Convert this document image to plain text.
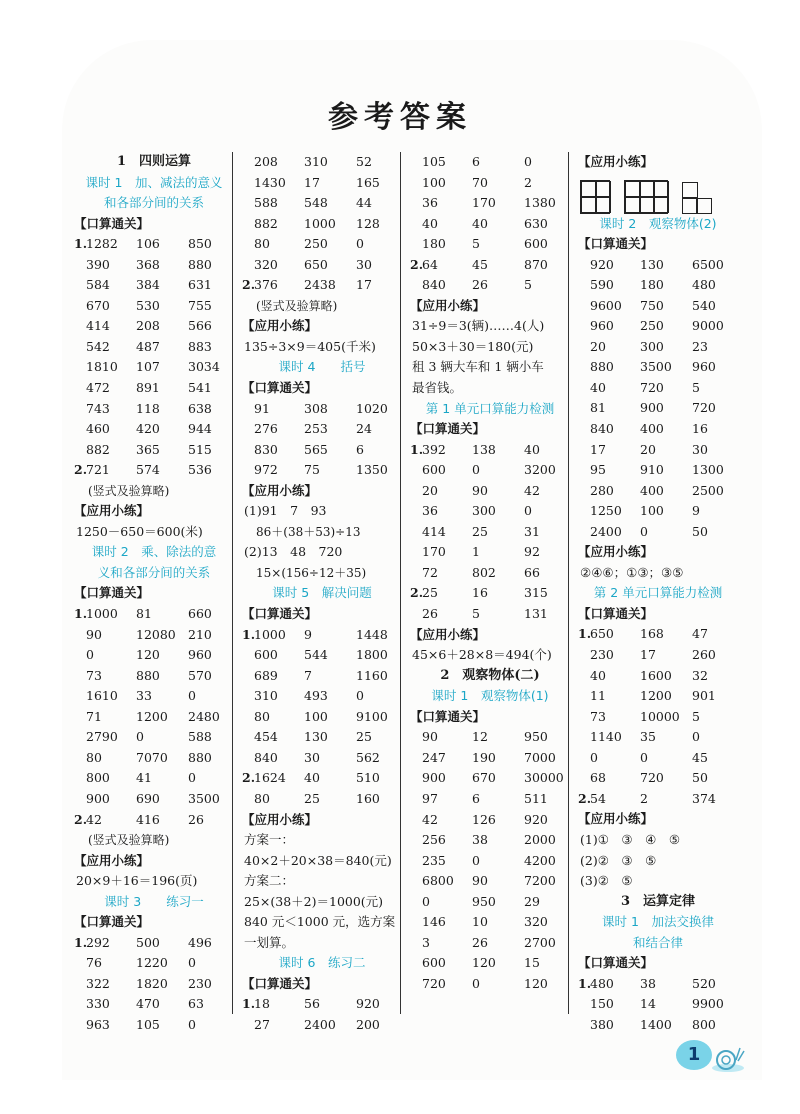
参考答案
1　四则运算
课时 1　加、减法的意义
和各部分间的关系
【口算通关】
1.
1282	106	850
390	368	880
584	384	631
670	530	755
414	208	566
542	487	883
1810	107	3034
472	891	541
743	118	638
460	420	944
882	365	515
2.
721	574	536
(竖式及验算略)
【应用小练】
1250－650＝600(米)
课时 2　乘、除法的意
义和各部分间的关系
【口算通关】
1.
1000	81	660
90	12080 210
0	120	960
73	880	570
1610	33	0
71	1200	2480
2790	0	588
80	7070	880
800	41	0
900	690	3500
2.
42	416	26
(竖式及验算略)
【应用小练】
20×9＋16＝196(页)
课时 3　　练习一
【口算通关】
1.
292	500	496
76	1220	0
322	1820	230
330	470	63
963	105	0
208	310	52
1430	17	165
588	548	44
882	1000	128
80	250	0
320	650	30
2.
376	2438	17
(竖式及验算略)
【应用小练】
135÷3×9＝405(千米)
课时 4　　括号
【口算通关】
91	308	1020
276	253	24
830	565	6
972	75	1350
【应用小练】
(1)91　7　93
86＋(38＋53)÷13
(2)13　48　720
15×(156÷12＋35)
课时 5　解决问题
【口算通关】
1.
1000	9	1448
600	544	1800
689	7	1160
310	493	0
80	100	9100
454	130	25
840	30	562
2.
1624	40	510
80	25	160
【应用小练】
方案一：
40×2＋20×38＝840(元)
方案二：
25×(38＋2)＝1000(元)
840 元＜1000 元，选方案
一划算。
课时 6　练习二
【口算通关】
1.
18	56	920
27	2400	200
105	6	0
100	70	2
36	170	1380
40	40	630
180	5	600
2.
64	45	870
840	26	5
【应用小练】
31÷9＝3(辆)……4(人)
50×3＋30＝180(元)
租 3 辆大车和 1 辆小车
最省钱。
第 1 单元口算能力检测
【口算通关】
1.
392	138	40
600	0	3200
20	90	42
36	300	0
414	25	31
170	1	92
72	802	66
2.
25	16	315
26	5	131
【应用小练】
45×6＋28×8＝494(个)
2　观察物体(二)
课时 1　观察物体(1)
【口算通关】
90	12	950
247	190	7000
900	670	30000
97	6	511
42	126	920
256	38	2000
235	0	4200
6800	90	7200
0	950	29
146	10	320
3	26	2700
600	120	15
720	0	120
【应用小练】
课时 2　观察物体(2)
【口算通关】
920	130	6500
590	180	480
9600	750	540
960	250	9000
20	300	23
880	3500	960
40	720	5
81	900	720
840	400	16
17	20	30
95	910	1300
280	400	2500
1250	100	9
2400	0	50
【应用小练】
②④⑥；①③；③⑤
第 2 单元口算能力检测
【口算通关】
1.
650	168	47
230	17	260
40	1600	32
11	1200	901
73	10000 5
1140	35	0
0	0	45
68	720	50
2.
54	2	374
【应用小练】
(1)①　③　④　⑤
(2)②　③　⑤
(3)②　⑤
3　运算定律
课时 1　加法交换律
和结合律
【口算通关】
1.
480	38	520
150	14	9900
380	1400	800
1
